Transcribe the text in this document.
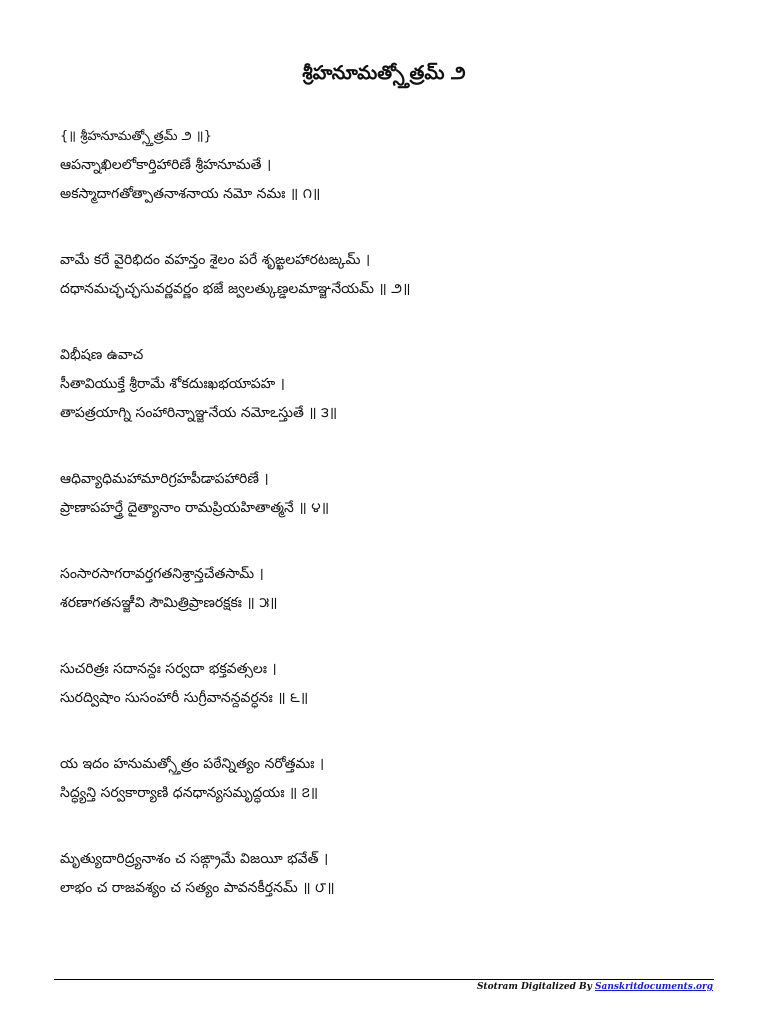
శ్రీహనూమత్స్తోత్రమ్ ౨
{॥ శ్రీహనూమత్స్తోత్రమ్ ౨ ॥}
ఆపన్నాఖిలలోకార్తిహారిణే శ్రీహనూమతే ।
అకస్మాదాగతోత్పాతనాశనాయ నమో నమః ॥ ౧॥
వామే కరే వైరిభిదం వహన్తం శైలం పరే శృఙ్ఖలహారటఙ్కమ్ ।
దధానమచ్ఛచ్ఛసువర్ణవర్ణం భజే జ్వలత్కుణ్డలమాఞ్జనేయమ్ ॥ ౨॥
విభీషణ ఉవాచ
సీతావియుక్తే శ్రీరామే శోకదుఃఖభయాపహ ।
తాపత్రయాగ్ని సంహారిన్నాఞ్జనేయ నమోఽస్తుతే ॥ ౩॥
ఆధివ్యాధిమహామారిగ్రహపీడాపహారిణే ।
ప్రాణాపహర్త్రే దైత్యానాం రామప్రియహితాత్మనే ॥ ౪॥
సంసారసాగరావర్తగతనిశ్రాన్తచేతసామ్ ।
శరణాగతసఞ్జీవి సౌమిత్రిప్రాణరక్షకః ॥ ౫॥
సుచరిత్రః సదానన్దః సర్వదా భక్తవత్సలః ।
సురద్విషాం సుసంహారీ సుగ్రీవానన్దవర్ధనః ॥ ౬॥
య ఇదం హనుమత్స్తోత్రం పఠేన్నిత్యం నరోత్తమః ।
సిద్ధ్యన్తి సర్వకార్యాణి ధనధాన్యసమృద్ధయః ॥ ౭॥
మృత్యుదారిద్ర్యనాశం చ సఙ్గ్రామే విజయీ భవేత్ ।
లాభం చ రాజవశ్యం చ సత్యం పావనకీర్తనమ్ ॥ ౮॥
Stotram Digitalized By Sanskritdocuments.org
